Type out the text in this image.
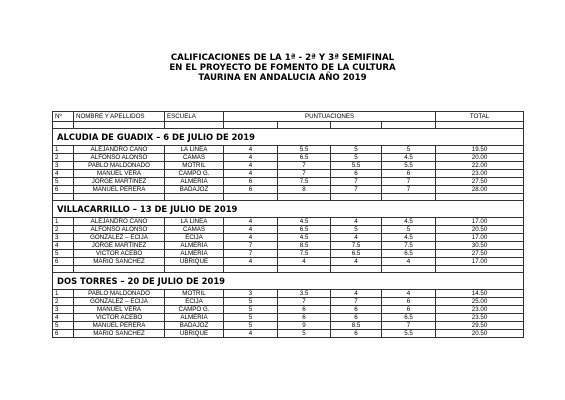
CALIFICACIONES DE LA 1ª - 2ª Y 3ª SEMIFINAL
EN EL PROYECTO DE FOMENTO DE LA CULTURA
TAURINA EN ANDALUCIA AÑO 2019
Nº	NOMBRE Y APELLIDOS	ESCUELA	PUNTUACIONES				TOTAL

ALCUDIA DE GUADIX – 6 DE JULIO DE 2019							
1	ALEJANDRO CANO	LA LINEA	4	5.5	5	5	19.50
2	ALFONSO ALONSO	CAMAS	4	6.5	5	4.5	20.00
3	PABLO MALDONADO	MOTRIL	4	7	5.5	5.5	22.00
4	MANUEL VERA	CAMPO G.	4	7	6	6	23.00
5	JORGE MARTINEZ	ALMERÍA	6	7.5	7	7	27.50
6	MANUEL PERERA	BADAJOZ	6	8	7	7	28.00

VILLACARRILLO – 13 DE JULIO DE 2019							
1	ALEJANDRO CANO	LA LINEA	4	4.5	4	4.5	17.00
2	ALFONSO ALONSO	CAMAS	4	6.5	5	5	20.50
3	GONZÁLEZ – ECIJA	ECIJA	4	4.5	4	4.5	17.00
4	JORGE MARTÍNEZ	ALMERÍA	7	8.5	7.5	7.5	30.50
5	VICTOR ACEBO	ALMERÍA	7	7.5	6.5	6.5	27.50
6	MARIO SANCHEZ	UBRIQUE	4	4	4	4	17.00

DOS TORRES – 20 DE JULIO DE 2019							
1	PABLO MALDONADO	MOTRIL	3	3.5	4	4	14.50
2	GONZÁLEZ – ECIJA	ECIJA	5	7	7	6	25.00
3	MANUEL VERA	CAMPO G.	5	6	6	6	23.00
4	VICTOR ACEBO	ALMERÍA	5	6	6	6.5	23.50
5	MANUEL PERERA	BADAJOZ	5	9	8.5	7	29.50
6	MARIO SANCHEZ	UBRIQUE	4	5	6	5.5	20.50
